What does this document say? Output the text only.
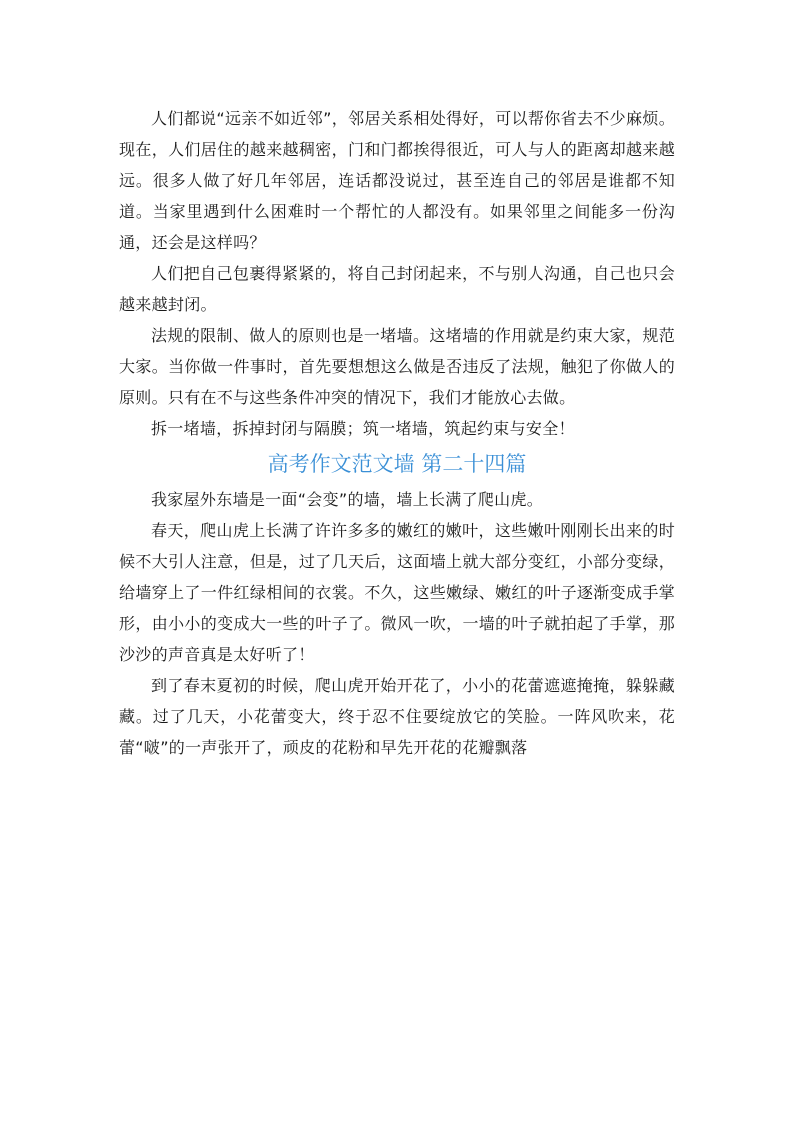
人们都说“远亲不如近邻”，邻居关系相处得好，可以帮你省去不少麻烦。现在，人们居住的越来越稠密，门和门都挨得很近，可人与人的距离却越来越远。很多人做了好几年邻居，连话都没说过，甚至连自己的邻居是谁都不知道。当家里遇到什么困难时一个帮忙的人都没有。如果邻里之间能多一份沟通，还会是这样吗？

人们把自己包裹得紧紧的，将自己封闭起来，不与别人沟通，自己也只会越来越封闭。

法规的限制、做人的原则也是一堵墙。这堵墙的作用就是约束大家，规范大家。当你做一件事时，首先要想想这么做是否违反了法规，触犯了你做人的原则。只有在不与这些条件冲突的情况下，我们才能放心去做。

拆一堵墙，拆掉封闭与隔膜；筑一堵墙，筑起约束与安全！

高考作文范文墙 第二十四篇

我家屋外东墙是一面“会变”的墙，墙上长满了爬山虎。

春天，爬山虎上长满了许许多多的嫩红的嫩叶，这些嫩叶刚刚长出来的时候不大引人注意，但是，过了几天后，这面墙上就大部分变红，小部分变绿，给墙穿上了一件红绿相间的衣裳。不久，这些嫩绿、嫩红的叶子逐渐变成手掌形，由小小的变成大一些的叶子了。微风一吹，一墙的叶子就拍起了手掌，那沙沙的声音真是太好听了！

到了春末夏初的时候，爬山虎开始开花了，小小的花蕾遮遮掩掩，躲躲藏藏。过了几天，小花蕾变大，终于忍不住要绽放它的笑脸。一阵风吹来，花蕾“啵”的一声张开了，顽皮的花粉和早先开花的花瓣飘落
